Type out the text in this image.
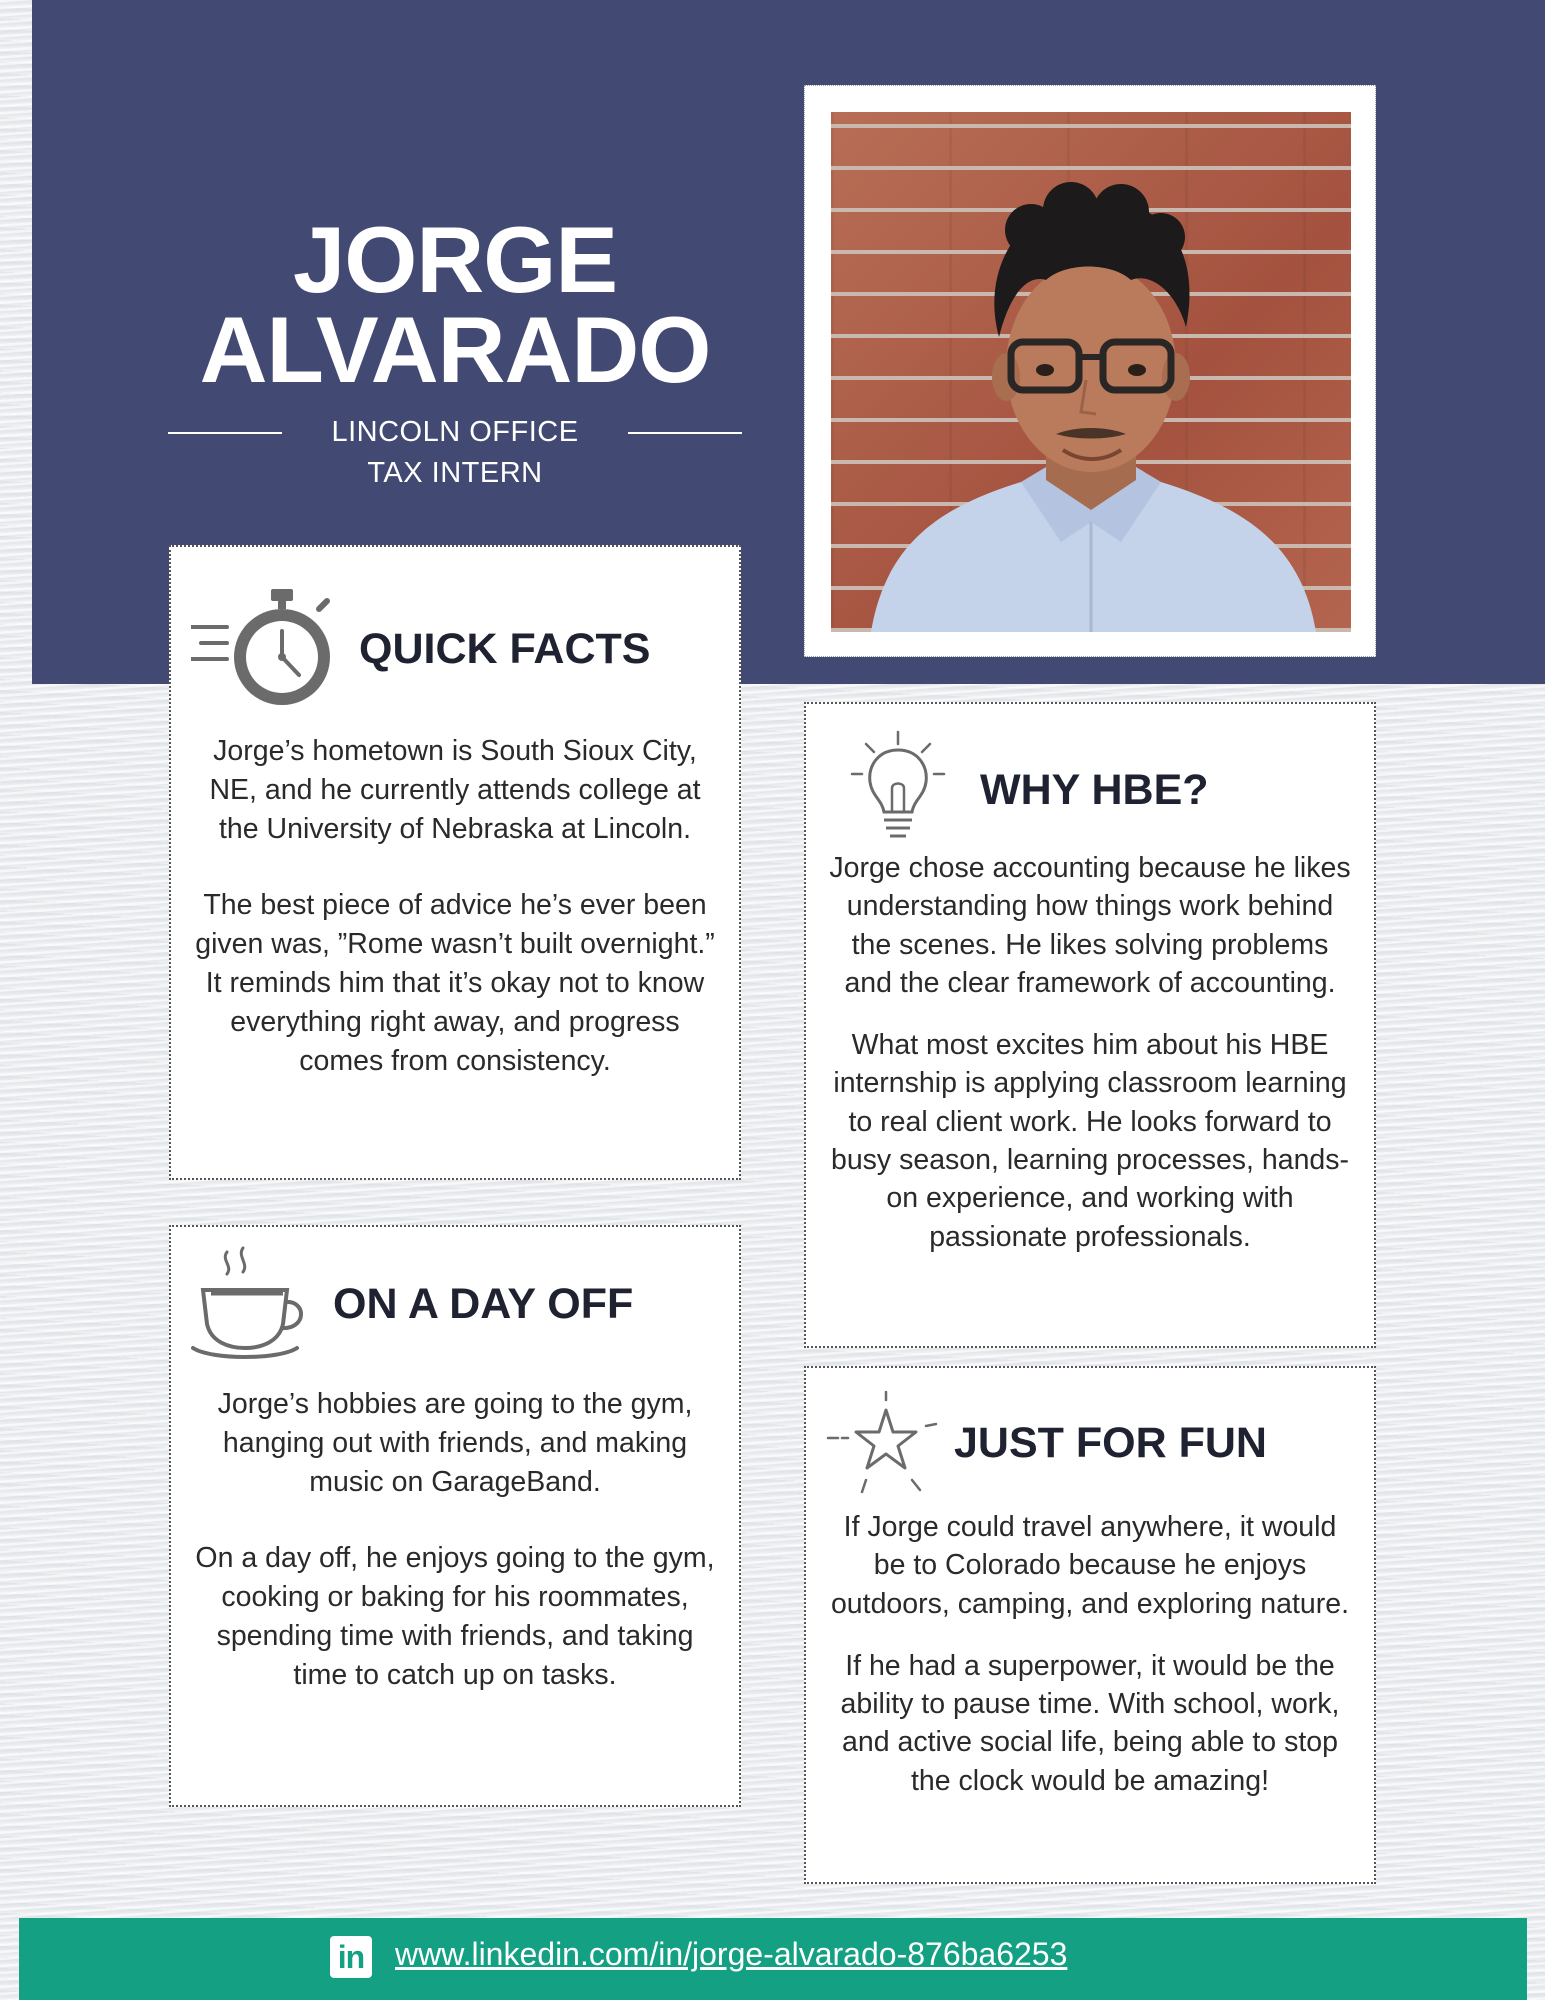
JORGE
ALVARADO
LINCOLN OFFICE
TAX INTERN
QUICK FACTS

Jorge’s hometown is South Sioux City, NE, and he currently attends college at the University of Nebraska at Lincoln.

The best piece of advice he’s ever been given was, ”Rome wasn’t built overnight.” It reminds him that it’s okay not to know everything right away, and progress comes from consistency.

ON A DAY OFF

Jorge’s hobbies are going to the gym, hanging out with friends, and making music on GarageBand.

On a day off, he enjoys going to the gym, cooking or baking for his roommates, spending time with friends, and taking time to catch up on tasks.

WHY HBE?

Jorge chose accounting because he likes understanding how things work behind the scenes. He likes solving problems and the clear framework of accounting.

What most excites him about his HBE internship is applying classroom learning to real client work. He looks forward to busy season, learning processes, hands-on experience, and working with passionate professionals.

JUST FOR FUN

If Jorge could travel anywhere, it would be to Colorado because he enjoys outdoors, camping, and exploring nature.

If he had a superpower, it would be the ability to pause time. With school, work, and active social life, being able to stop the clock would be amazing!

in www.linkedin.com/in/jorge-alvarado-876ba6253
